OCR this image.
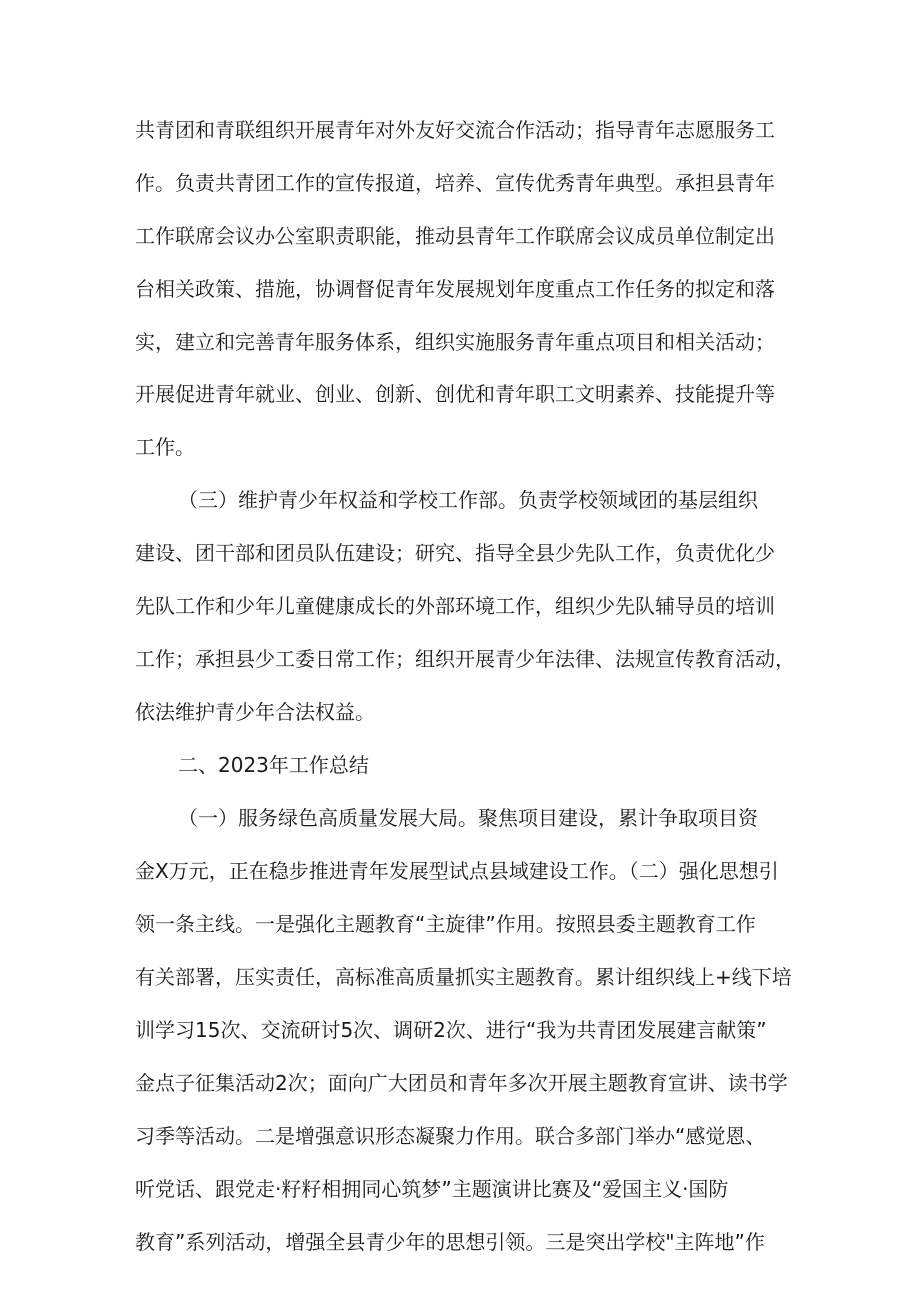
共青团和青联组织开展青年对外友好交流合作活动；指导青年志愿服务工

作。负责共青团工作的宣传报道，培养、宣传优秀青年典型。承担县青年

工作联席会议办公室职责职能，推动县青年工作联席会议成员单位制定出

台相关政策、措施，协调督促青年发展规划年度重点工作任务的拟定和落

实，建立和完善青年服务体系，组织实施服务青年重点项目和相关活动；

开展促进青年就业、创业、创新、创优和青年职工文明素养、技能提升等

工作。

（三）维护青少年权益和学校工作部。负责学校领域团的基层组织

建设、团干部和团员队伍建设；研究、指导全县少先队工作，负责优化少

先队工作和少年儿童健康成长的外部环境工作，组织少先队辅导员的培训

工作；承担县少工委日常工作；组织开展青少年法律、法规宣传教育活动，

依法维护青少年合法权益。

二、2023年工作总结

（一）服务绿色高质量发展大局。聚焦项目建设，累计争取项目资

金X万元，正在稳步推进青年发展型试点县域建设工作。（二）强化思想引

领一条主线。一是强化主题教育“主旋律”作用。按照县委主题教育工作

有关部署，压实责任，高标准高质量抓实主题教育。累计组织线上+线下培

训学习15次、交流研讨5次、调研2次、进行“我为共青团发展建言献策”

金点子征集活动2次；面向广大团员和青年多次开展主题教育宣讲、读书学

习季等活动。二是增强意识形态凝聚力作用。联合多部门举办“感觉恩、

听党话、跟党走·籽籽相拥同心筑梦”主题演讲比赛及“爱国主义·国防

教育”系列活动，增强全县青少年的思想引领。三是突出学校"主阵地”作
